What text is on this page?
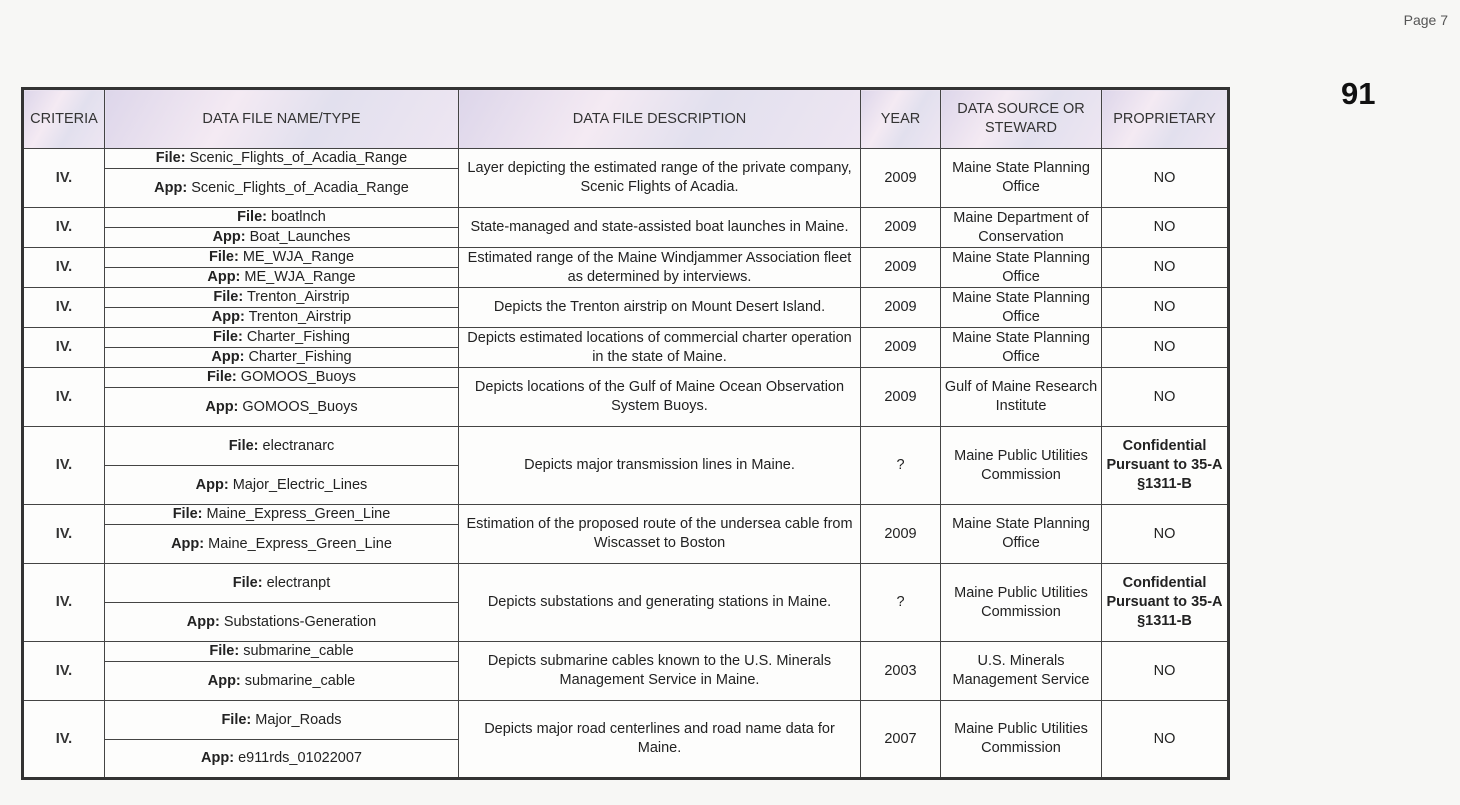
Page 7
91
CRITERIA	DATA FILE NAME/TYPE	DATA FILE DESCRIPTION	YEAR	DATA SOURCE OR STEWARD	PROPRIETARY
IV.	File: Scenic_Flights_of_Acadia_Range	Layer depicting the estimated range of the private company, Scenic Flights of Acadia.	2009	Maine State Planning Office	NO
	App: Scenic_Flights_of_Acadia_Range				
IV.	File: boatlnch	State-managed and state-assisted boat launches in Maine.	2009	Maine Department of Conservation	NO
	App: Boat_Launches				
IV.	File: ME_WJA_Range	Estimated range of the Maine Windjammer Association fleet as determined by interviews.	2009	Maine State Planning Office	NO
	App: ME_WJA_Range				
IV.	File: Trenton_Airstrip	Depicts the Trenton airstrip on Mount Desert Island.	2009	Maine State Planning Office	NO
	App: Trenton_Airstrip				
IV.	File: Charter_Fishing	Depicts estimated locations of commercial charter operation in the state of Maine.	2009	Maine State Planning Office	NO
	App: Charter_Fishing				
IV.	File: GOMOOS_Buoys	Depicts locations of the Gulf of Maine Ocean Observation System Buoys.	2009	Gulf of Maine Research Institute	NO
	App: GOMOOS_Buoys				
IV.	File: electranarc	Depicts major transmission lines in Maine.	?	Maine Public Utilities Commission	Confidential Pursuant to 35-A §1311-B
	App: Major_Electric_Lines				
IV.	File: Maine_Express_Green_Line	Estimation of the proposed route of the undersea cable from Wiscasset to Boston	2009	Maine State Planning Office	NO
	App: Maine_Express_Green_Line				
IV.	File: electranpt	Depicts substations and generating stations in Maine.	?	Maine Public Utilities Commission	Confidential Pursuant to 35-A §1311-B
	App: Substations-Generation				
IV.	File: submarine_cable	Depicts submarine cables known to the U.S. Minerals Management Service in Maine.	2003	U.S. Minerals Management Service	NO
	App: submarine_cable				
IV.	File: Major_Roads	Depicts major road centerlines and road name data for Maine.	2007	Maine Public Utilities Commission	NO
	App: e911rds_01022007				
